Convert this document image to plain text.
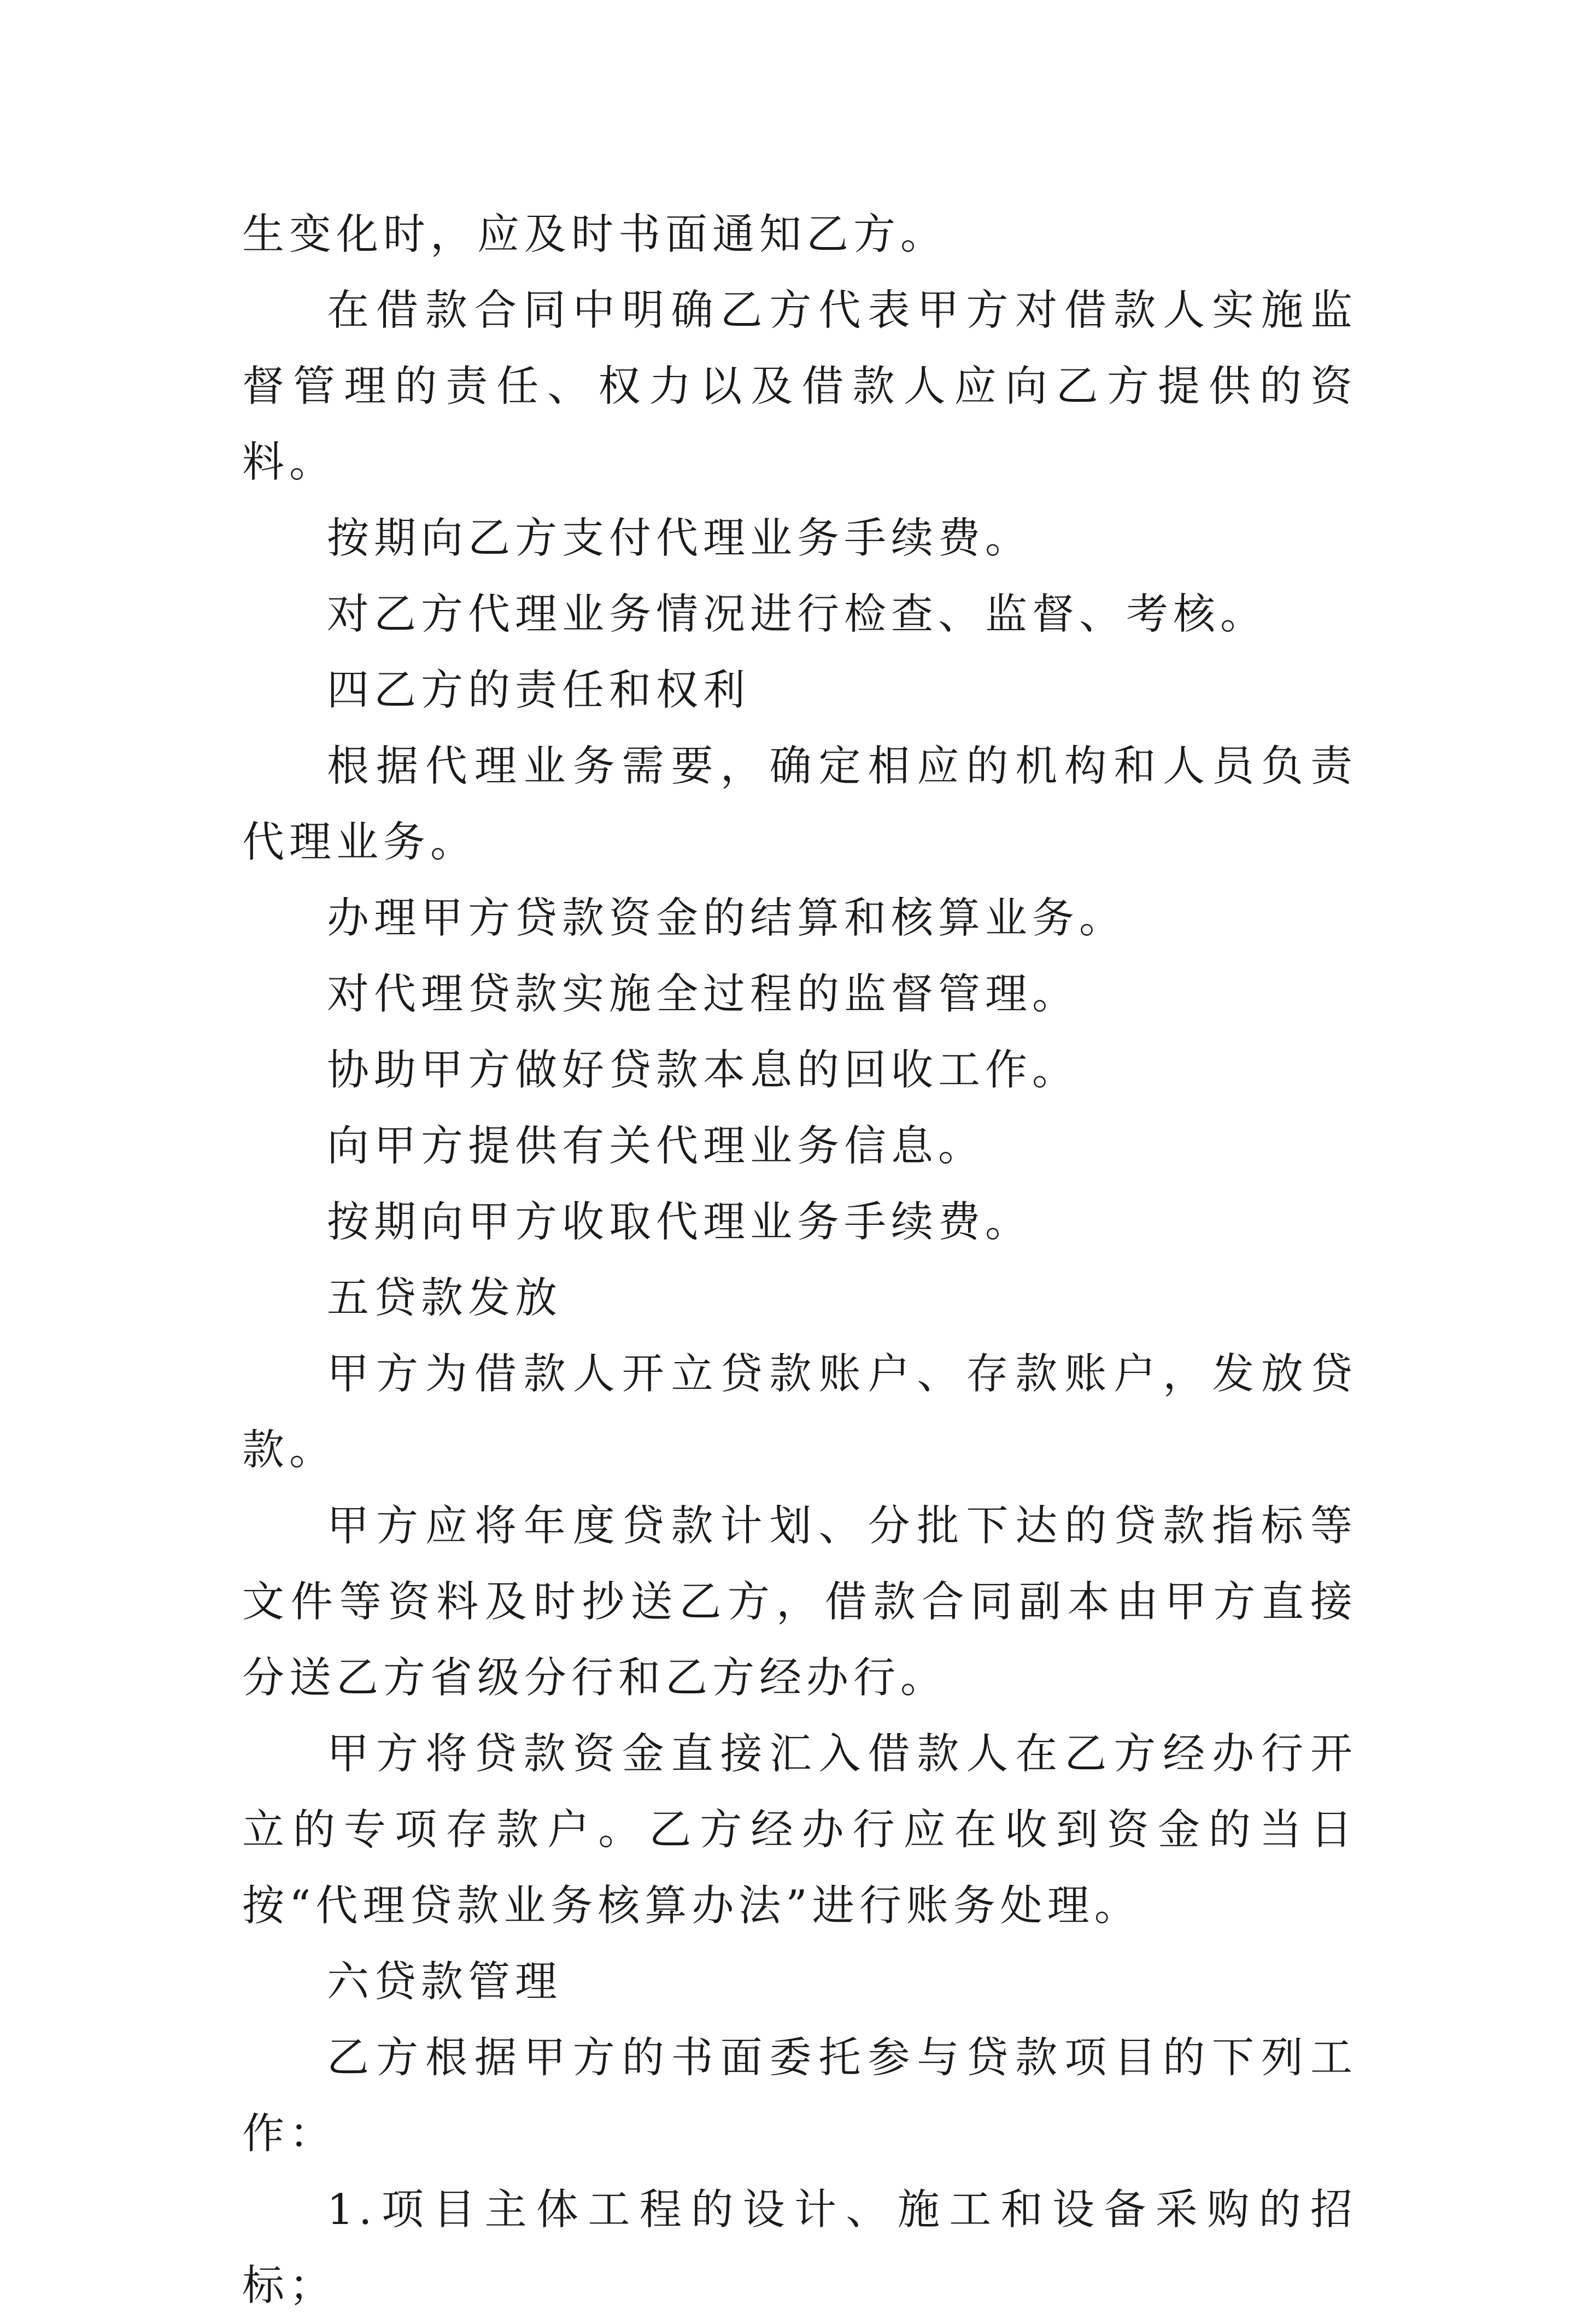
生变化时，应及时书面通知乙方。

在借款合同中明确乙方代表甲方对借款人实施监督管理的责任、权力以及借款人应向乙方提供的资料。

按期向乙方支付代理业务手续费。

对乙方代理业务情况进行检查、监督、考核。

四乙方的责任和权利

根据代理业务需要，确定相应的机构和人员负责代理业务。

办理甲方贷款资金的结算和核算业务。

对代理贷款实施全过程的监督管理。

协助甲方做好贷款本息的回收工作。

向甲方提供有关代理业务信息。

按期向甲方收取代理业务手续费。

五贷款发放

甲方为借款人开立贷款账户、存款账户，发放贷款。

甲方应将年度贷款计划、分批下达的贷款指标等文件等资料及时抄送乙方，借款合同副本由甲方直接分送乙方省级分行和乙方经办行。

甲方将贷款资金直接汇入借款人在乙方经办行开立的专项存款户。乙方经办行应在收到资金的当日按“代理贷款业务核算办法”进行账务处理。

六贷款管理

乙方根据甲方的书面委托参与贷款项目的下列工作：

1.项目主体工程的设计、施工和设备采购的招标；
